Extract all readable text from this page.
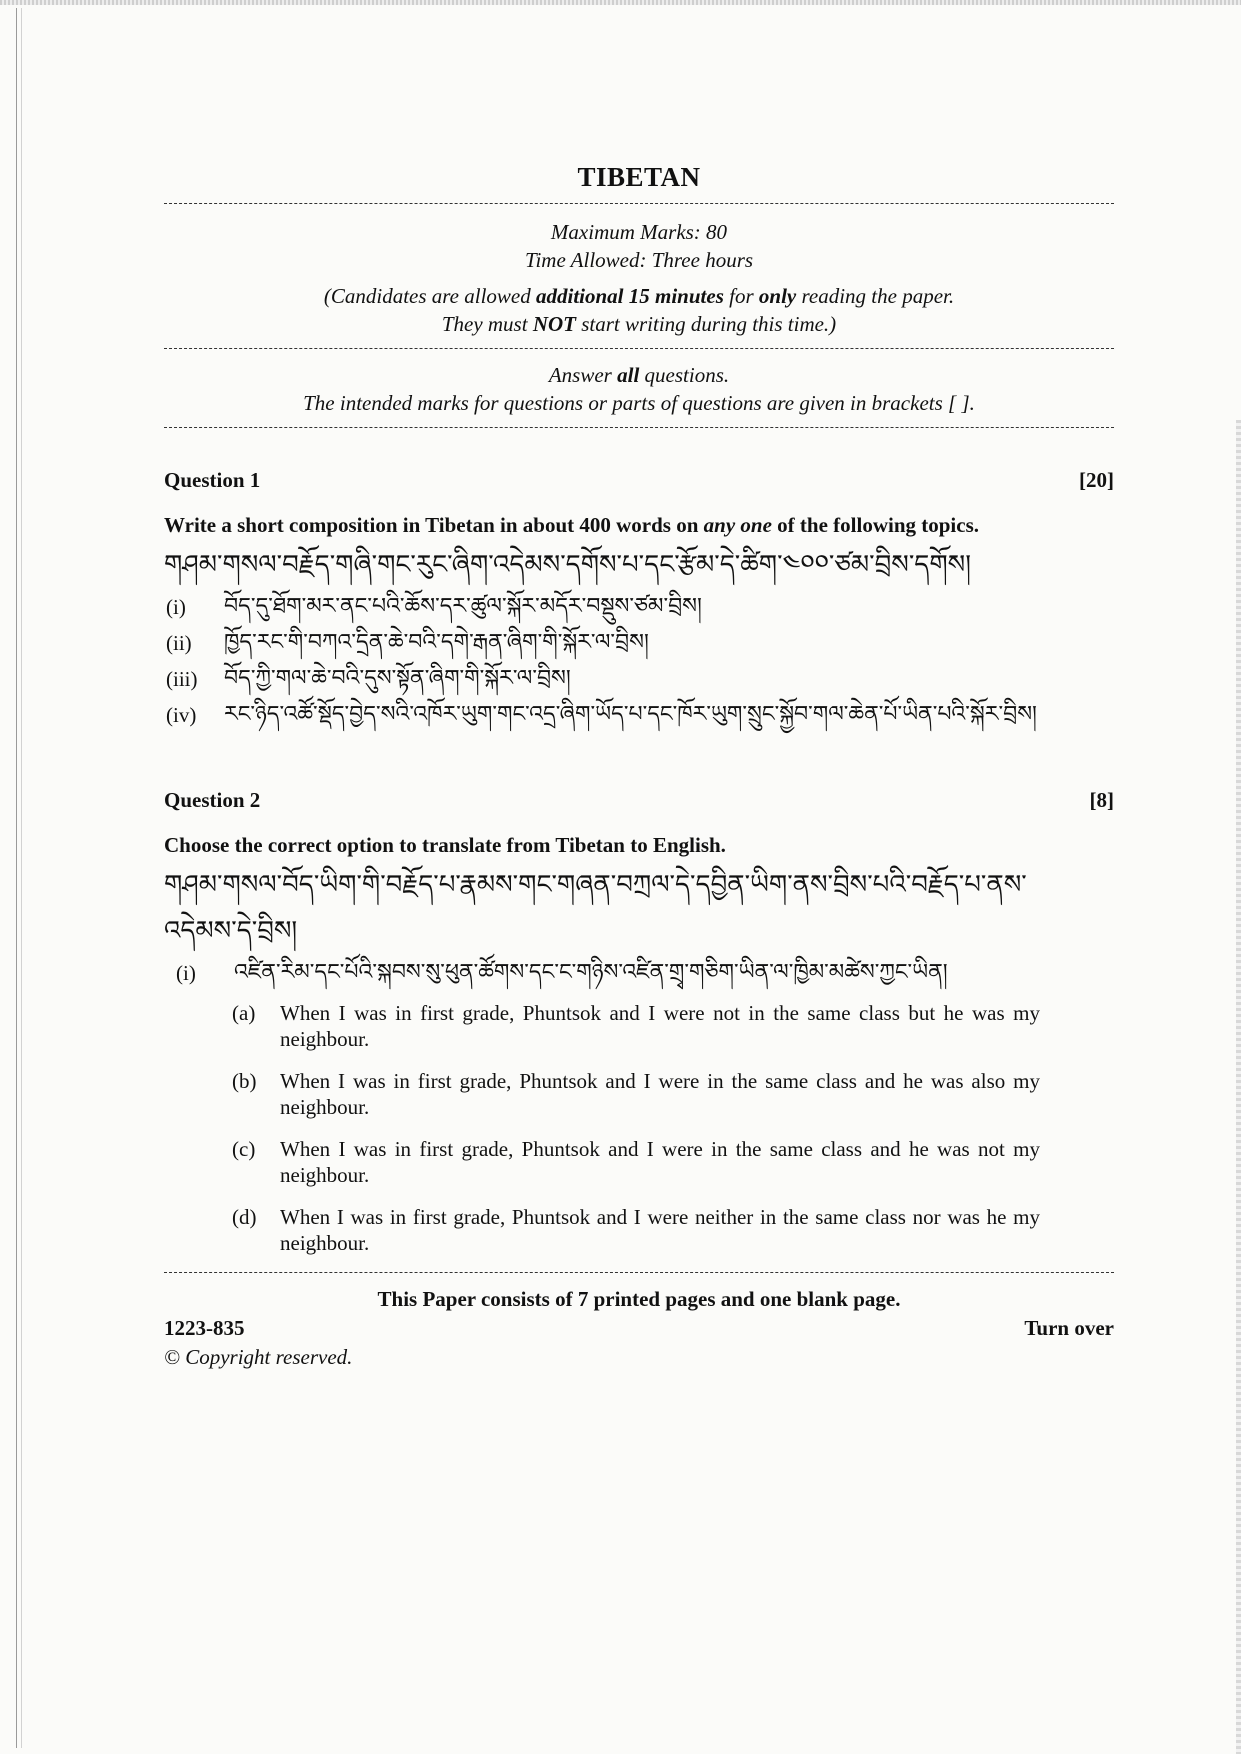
TIBETAN
Maximum Marks: 80
Time Allowed: Three hours
(Candidates are allowed additional 15 minutes for only reading the paper.
They must NOT start writing during this time.)
Answer all questions.
The intended marks for questions or parts of questions are given in brackets [ ].
Question 1	[20]
Write a short composition in Tibetan in about 400 words on any one of the following topics.
གཤམ་གསལ་བརྗོད་གཞི་གང་རུང་ཞིག་འདེམས་དགོས་པ་དང་རྩོམ་དེ་ཚིག་༤༠༠་ཙམ་བྲིས་དགོས།
(i)	བོད་དུ་ཐོག་མར་ནང་པའི་ཆོས་དར་ཚུལ་སྐོར་མདོར་བསྡུས་ཙམ་བྲིས།
(ii)	ཁྱོད་རང་གི་བཀའ་དྲིན་ཆེ་བའི་དགེ་རྒན་ཞིག་གི་སྐོར་ལ་བྲིས།
(iii)	བོད་ཀྱི་གལ་ཆེ་བའི་དུས་སྟོན་ཞིག་གི་སྐོར་ལ་བྲིས།
(iv)	རང་ཉིད་འཚོ་སྡོད་བྱེད་སའི་འཁོར་ཡུག་གང་འདྲ་ཞིག་ཡོད་པ་དང་ཁོར་ཡུག་སྲུང་སྐྱོབ་གལ་ཆེན་པོ་ཡིན་པའི་སྐོར་བྲིས།
Question 2	[8]
Choose the correct option to translate from Tibetan to English.
གཤམ་གསལ་བོད་ཡིག་གི་བརྗོད་པ་རྣམས་གང་གཞན་བཀྲལ་དེ་དབྱིན་ཡིག་ནས་བྲིས་པའི་བརྗོད་པ་ནས་འདེམས་དེ་བྲིས།
(i)	འཛིན་རིམ་དང་པོའི་སྐབས་སུ་ཕུན་ཚོགས་དང་ང་གཉིས་འཛིན་གྲྭ་གཅིག་ཡིན་ལ་ཁྱིམ་མཚེས་ཀྱང་ཡིན།
(a)	When I was in first grade, Phuntsok and I were not in the same class but he was my neighbour.
(b)	When I was in first grade, Phuntsok and I were in the same class and he was also my neighbour.
(c)	When I was in first grade, Phuntsok and I were in the same class and he was not my neighbour.
(d)	When I was in first grade, Phuntsok and I were neither in the same class nor was he my neighbour.
This Paper consists of 7 printed pages and one blank page.
1223-835	Turn over
© Copyright reserved.
